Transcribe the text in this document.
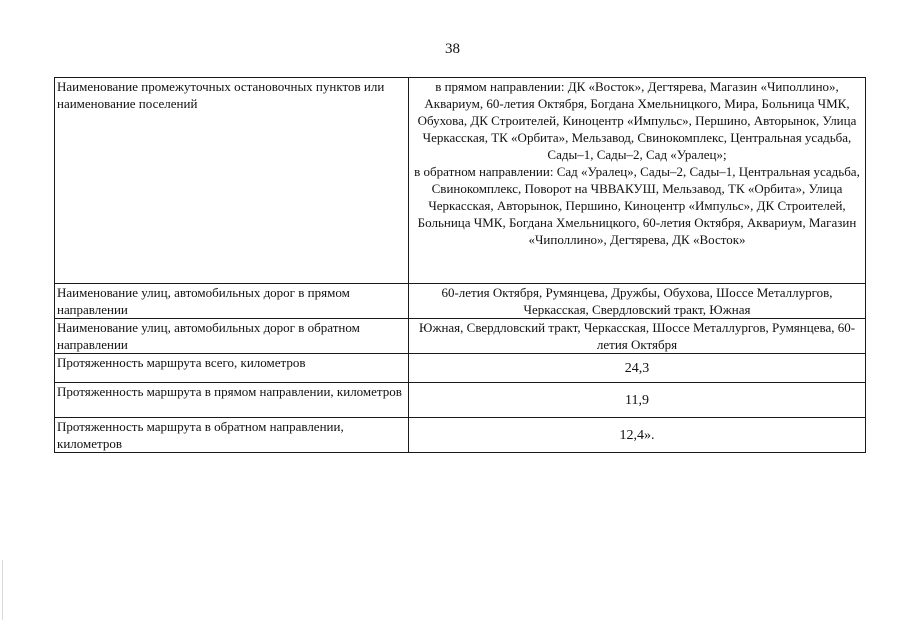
38
Наименование промежуточных остановочных пунктов или наименование поселений	в прямом направлении: ДК «Восток», Дегтярева, Магазин «Чиполлино», Аквариум, 60-летия Октября, Богдана Хмельницкого, Мира, Больница ЧМК, Обухова, ДК Строителей, Киноцентр «Импульс», Першино, Авторынок, Улица Черкасская, ТК «Орбита», Мельзавод, Свинокомплекс, Центральная усадьба, Сады–1, Сады–2, Сад «Уралец»;
в обратном направлении: Сад «Уралец», Сады–2, Сады–1, Центральная усадьба, Свинокомплекс, Поворот на ЧВВАКУШ, Мельзавод, ТК «Орбита», Улица Черкасская, Авторынок, Першино, Киноцентр «Импульс», ДК Строителей, Больница ЧМК, Богдана Хмельницкого, 60-летия Октября, Аквариум, Магазин «Чиполлино», Дегтярева, ДК «Восток»

Наименование улиц, автомобильных дорог в прямом направлении	60-летия Октября, Румянцева, Дружбы, Обухова, Шоссе Металлургов, Черкасская, Свердловский тракт, Южная
Наименование улиц, автомобильных дорог в обратном направлении	Южная, Свердловский тракт, Черкасская, Шоссе Металлургов, Румянцева, 60-летия Октября
Протяженность маршрута всего, километров	24,3
Протяженность маршрута в прямом направлении, километров	11,9
Протяженность маршрута в обратном направлении, километров	12,4».
